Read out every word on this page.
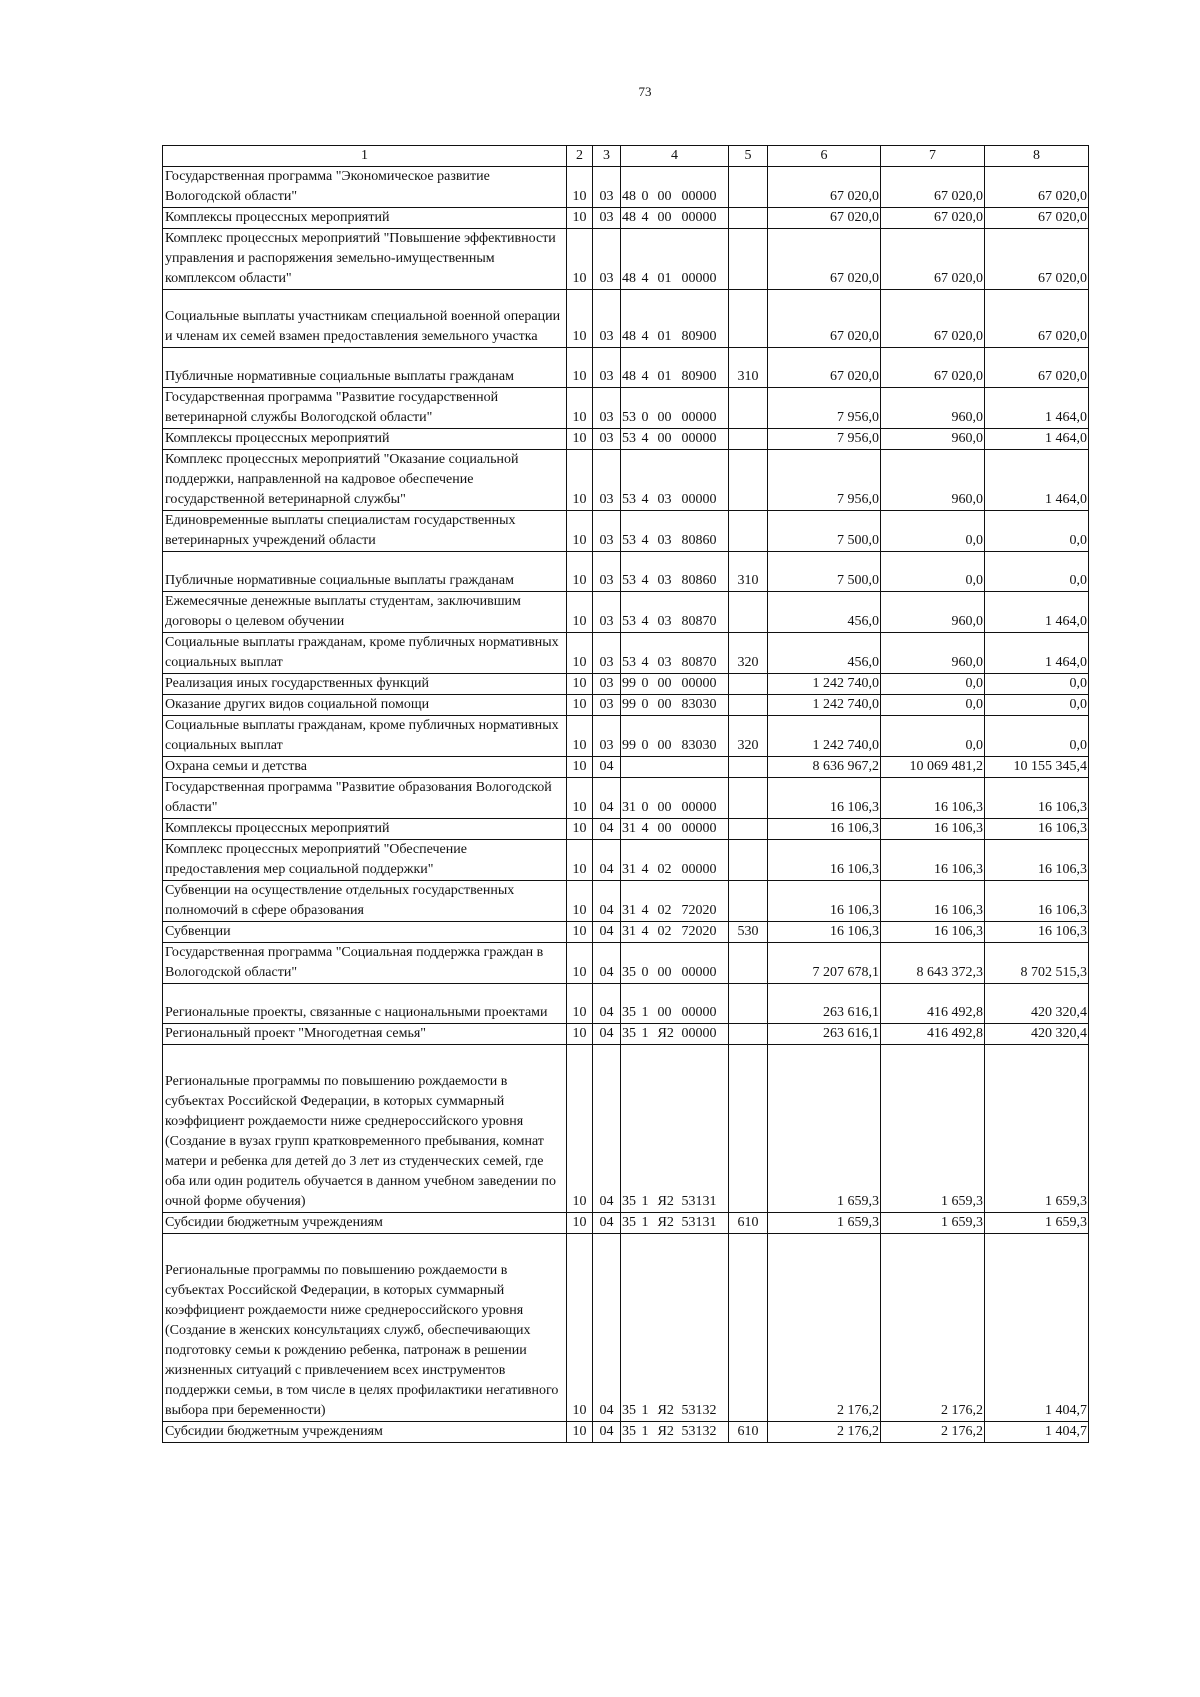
73
1	2	3	4				5	6	7	8
Государственная программа "Экономическое развитие Вологодской области"	10	03	48	0	00	00000		67 020,0	67 020,0	67 020,0
Комплексы процессных мероприятий	10	03	48	4	00	00000		67 020,0	67 020,0	67 020,0
Комплекс процессных мероприятий "Повышение эффективности управления и распоряжения земельно-имущественным комплексом области"	10	03	48	4	01	00000		67 020,0	67 020,0	67 020,0
Социальные выплаты участникам специальной военной операции и членам их семей взамен предоставления земельного участка	10	03	48	4	01	80900		67 020,0	67 020,0	67 020,0
Публичные нормативные социальные выплаты гражданам	10	03	48	4	01	80900	310	67 020,0	67 020,0	67 020,0
Государственная программа "Развитие государственной ветеринарной службы Вологодской области"	10	03	53	0	00	00000		7 956,0	960,0	1 464,0
Комплексы процессных мероприятий	10	03	53	4	00	00000		7 956,0	960,0	1 464,0
Комплекс процессных мероприятий "Оказание социальной поддержки, направленной на кадровое обеспечение государственной ветеринарной службы"	10	03	53	4	03	00000		7 956,0	960,0	1 464,0
Единовременные выплаты специалистам государственных ветеринарных учреждений области	10	03	53	4	03	80860		7 500,0	0,0	0,0
Публичные нормативные социальные выплаты гражданам	10	03	53	4	03	80860	310	7 500,0	0,0	0,0
Ежемесячные денежные выплаты студентам, заключившим договоры о целевом обучении	10	03	53	4	03	80870		456,0	960,0	1 464,0
Социальные выплаты гражданам, кроме публичных нормативных социальных выплат	10	03	53	4	03	80870	320	456,0	960,0	1 464,0
Реализация иных государственных функций	10	03	99	0	00	00000		1 242 740,0	0,0	0,0
Оказание других видов социальной помощи	10	03	99	0	00	83030		1 242 740,0	0,0	0,0
Социальные выплаты гражданам, кроме публичных нормативных социальных выплат	10	03	99	0	00	83030	320	1 242 740,0	0,0	0,0
Охрана семьи и детства	10	04						8 636 967,2	10 069 481,2	10 155 345,4
Государственная программа "Развитие образования Вологодской области"	10	04	31	0	00	00000		16 106,3	16 106,3	16 106,3
Комплексы процессных мероприятий	10	04	31	4	00	00000		16 106,3	16 106,3	16 106,3
Комплекс процессных мероприятий "Обеспечение предоставления мер социальной поддержки"	10	04	31	4	02	00000		16 106,3	16 106,3	16 106,3
Субвенции на осуществление отдельных государственных полномочий в сфере образования	10	04	31	4	02	72020		16 106,3	16 106,3	16 106,3
Субвенции	10	04	31	4	02	72020	530	16 106,3	16 106,3	16 106,3
Государственная программа "Социальная поддержка граждан в Вологодской области"	10	04	35	0	00	00000		7 207 678,1	8 643 372,3	8 702 515,3
Региональные проекты, связанные с национальными проектами	10	04	35	1	00	00000		263 616,1	416 492,8	420 320,4
Региональный проект "Многодетная семья"	10	04	35	1	Я2	00000		263 616,1	416 492,8	420 320,4
Региональные программы по повышению рождаемости в субъектах Российской Федерации, в которых суммарный коэффициент рождаемости ниже среднероссийского уровня (Создание в вузах групп кратковременного пребывания, комнат матери и ребенка для детей до 3 лет из студенческих семей, где оба или один родитель обучается в данном учебном заведении по очной форме обучения)	10	04	35	1	Я2	53131		1 659,3	1 659,3	1 659,3
Субсидии бюджетным учреждениям	10	04	35	1	Я2	53131	610	1 659,3	1 659,3	1 659,3
Региональные программы по повышению рождаемости в субъектах Российской Федерации, в которых суммарный коэффициент рождаемости ниже среднероссийского уровня (Создание в женских консультациях служб, обеспечивающих подготовку семьи к рождению ребенка, патронаж в решении жизненных ситуаций с привлечением всех инструментов поддержки семьи, в том числе в целях профилактики негативного выбора при беременности)	10	04	35	1	Я2	53132		2 176,2	2 176,2	1 404,7
Субсидии бюджетным учреждениям	10	04	35	1	Я2	53132	610	2 176,2	2 176,2	1 404,7
